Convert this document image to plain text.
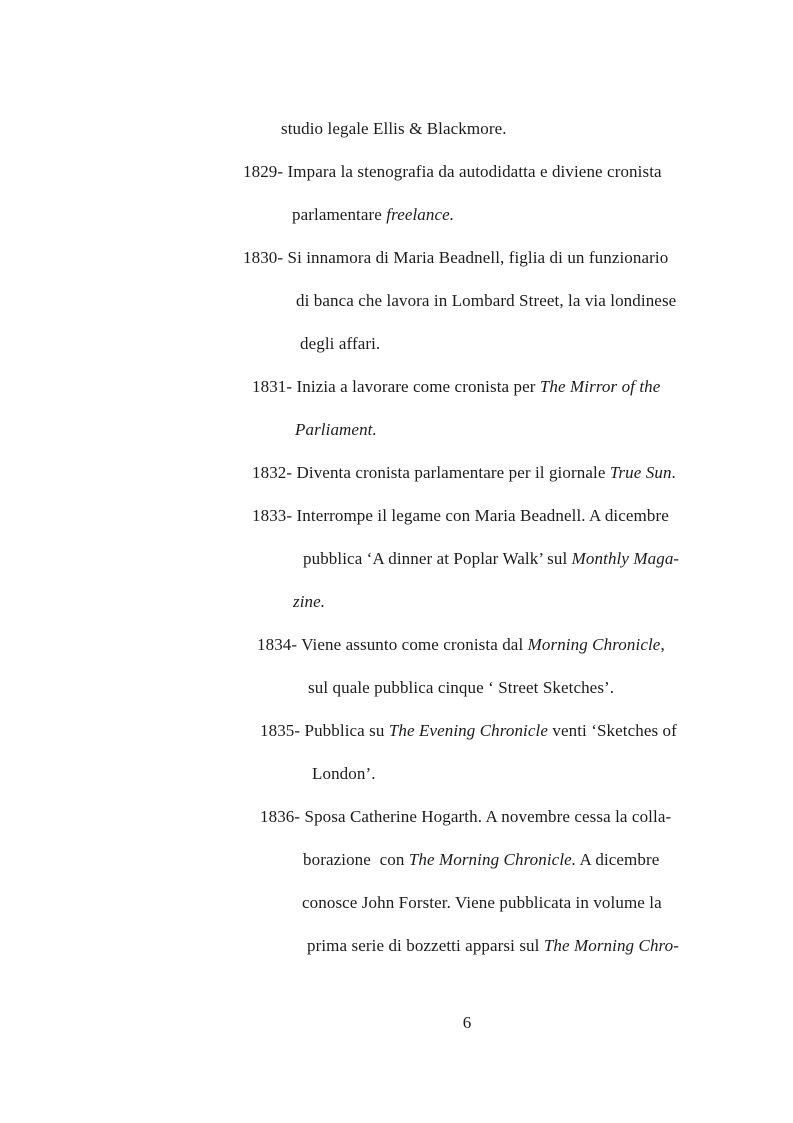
studio legale Ellis & Blackmore.
1829- Impara la stenografia da autodidatta e diviene cronista
parlamentare freelance.
1830- Si innamora di Maria Beadnell, figlia di un funzionario
di banca che lavora in Lombard Street, la via londinese
degli affari.
1831- Inizia a lavorare come cronista per The Mirror of the
Parliament.
1832- Diventa cronista parlamentare per il giornale True Sun.
1833- Interrompe il legame con Maria Beadnell. A dicembre
pubblica ‘A dinner at Poplar Walk’ sul Monthly Maga-
zine.
1834- Viene assunto come cronista dal Morning Chronicle,
sul quale pubblica cinque ‘ Street Sketches’.
1835- Pubblica su The Evening Chronicle venti ‘Sketches of
London’.
1836- Sposa Catherine Hogarth. A novembre cessa la colla-
borazione  con The Morning Chronicle. A dicembre
conosce John Forster. Viene pubblicata in volume la
prima serie di bozzetti apparsi sul The Morning Chro-
6
